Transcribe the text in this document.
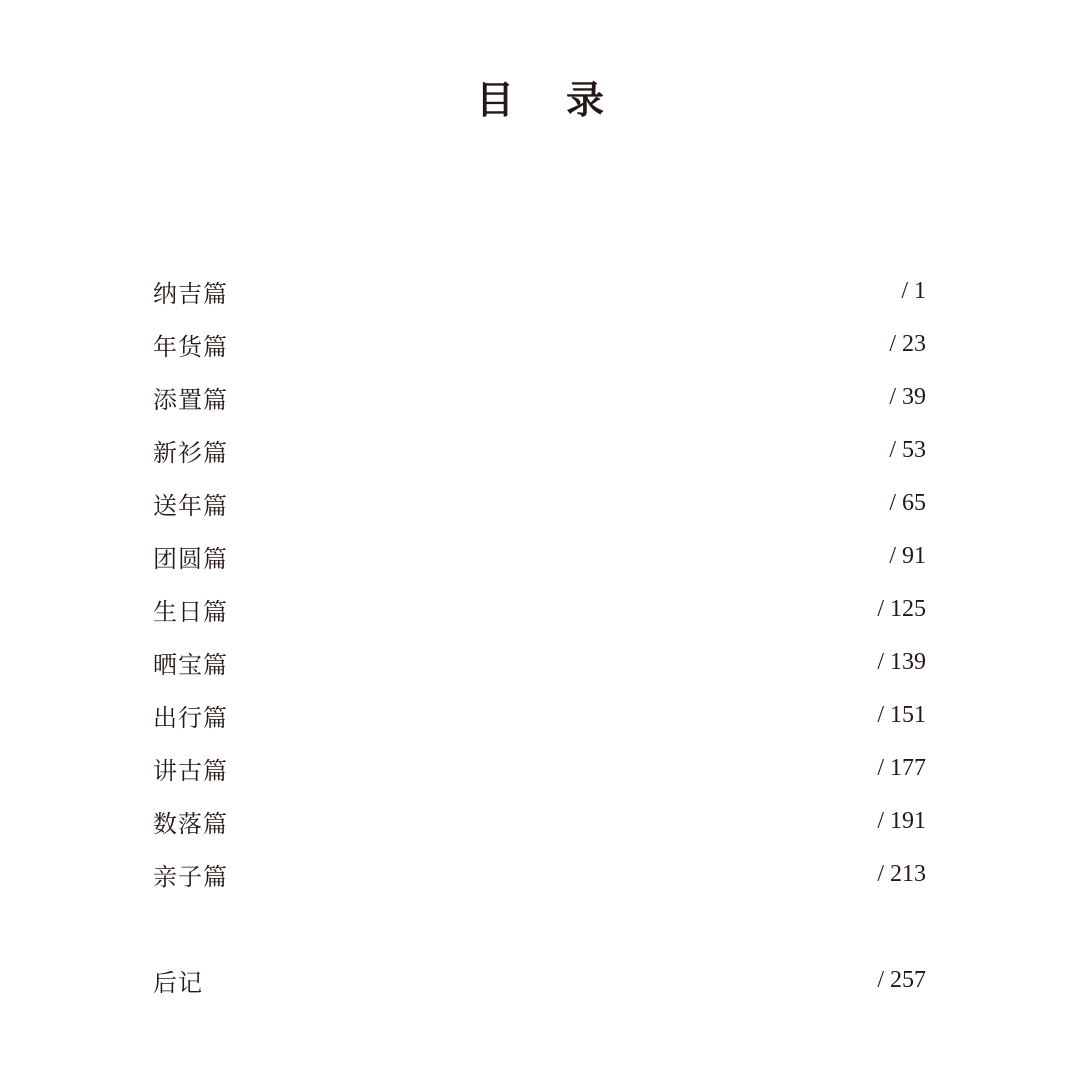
目录
纳吉篇	/ 1
年货篇	/ 23
添置篇	/ 39
新衫篇	/ 53
送年篇	/ 65
团圆篇	/ 91
生日篇	/ 125
晒宝篇	/ 139
出行篇	/ 151
讲古篇	/ 177
数落篇	/ 191
亲子篇	/ 213
后记	/ 257
